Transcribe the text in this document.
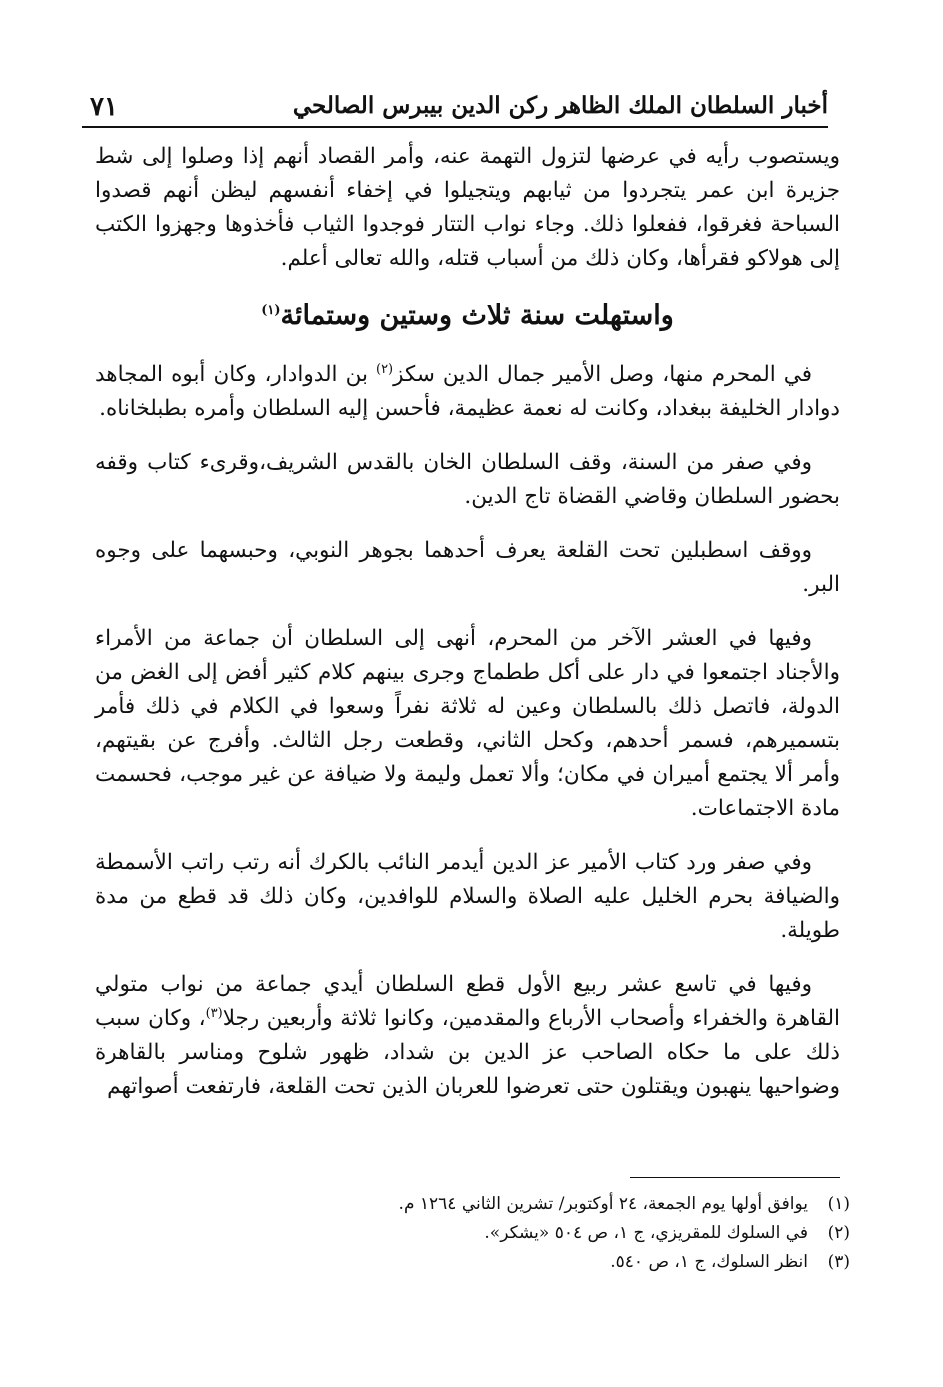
٧١	أخبار السلطان الملك الظاهر ركن الدين بيبرس الصالحي

ويستصوب رأيه في عرضها لتزول التهمة عنه، وأمر القصاد أنهم إذا وصلوا إلى شط جزيرة ابن عمر يتجردوا من ثيابهم ويتجيلوا في إخفاء أنفسهم ليظن أنهم قصدوا السباحة فغرقوا، ففعلوا ذلك. وجاء نواب التتار فوجدوا الثياب فأخذوها وجهزوا الكتب إلى هولاكو فقرأها، وكان ذلك من أسباب قتله، والله تعالى أعلم.

واستهلت سنة ثلاث وستين وستمائة$^{(١)}$

في المحرم منها، وصل الأمير جمال الدين سكز$^{(٢)}$ بن الدوادار، وكان أبوه المجاهد دوادار الخليفة ببغداد، وكانت له نعمة عظيمة، فأحسن إليه السلطان وأمره بطبلخاناه.

وفي صفر من السنة، وقف السلطان الخان بالقدس الشريف،وقرىء كتاب وقفه بحضور السلطان وقاضي القضاة تاج الدين.

ووقف اسطبلين تحت القلعة يعرف أحدهما بجوهر النوبي، وحبسهما على وجوه البر.

وفيها في العشر الآخر من المحرم، أنهى إلى السلطان أن جماعة من الأمراء والأجناد اجتمعوا في دار على أكل ططماج وجرى بينهم كلام كثير أفض إلى الغض من الدولة، فاتصل ذلك بالسلطان وعين له ثلاثة نفراً وسعوا في الكلام في ذلك فأمر بتسميرهم، فسمر أحدهم، وكحل الثاني، وقطعت رجل الثالث. وأفرج عن بقيتهم، وأمر ألا يجتمع أميران في مكان؛ وألا تعمل وليمة ولا ضيافة عن غير موجب، فحسمت مادة الاجتماعات.

وفي صفر ورد كتاب الأمير عز الدين أيدمر النائب بالكرك أنه رتب راتب الأسمطة والضيافة بحرم الخليل عليه الصلاة والسلام للوافدين، وكان ذلك قد قطع من مدة طويلة.

وفيها في تاسع عشر ربيع الأول قطع السلطان أيدي جماعة من نواب متولي القاهرة والخفراء وأصحاب الأرباع والمقدمين، وكانوا ثلاثة وأربعين رجلا$^{(٣)}$، وكان سبب ذلك على ما حكاه الصاحب عز الدين بن شداد، ظهور شلوح ومناسر بالقاهرة وضواحيها ينهبون ويقتلون حتى تعرضوا للعربان الذين تحت القلعة، فارتفعت أصواتهم

(١)يوافق أولها يوم الجمعة، ٢٤ أوكتوبر/ تشرين الثاني ١٢٦٤ م.
(٢)في السلوك للمقريزي، ج ١، ص ٥٠٤ «يشكر».
(٣)انظر السلوك، ج ١، ص ٥٤٠.
